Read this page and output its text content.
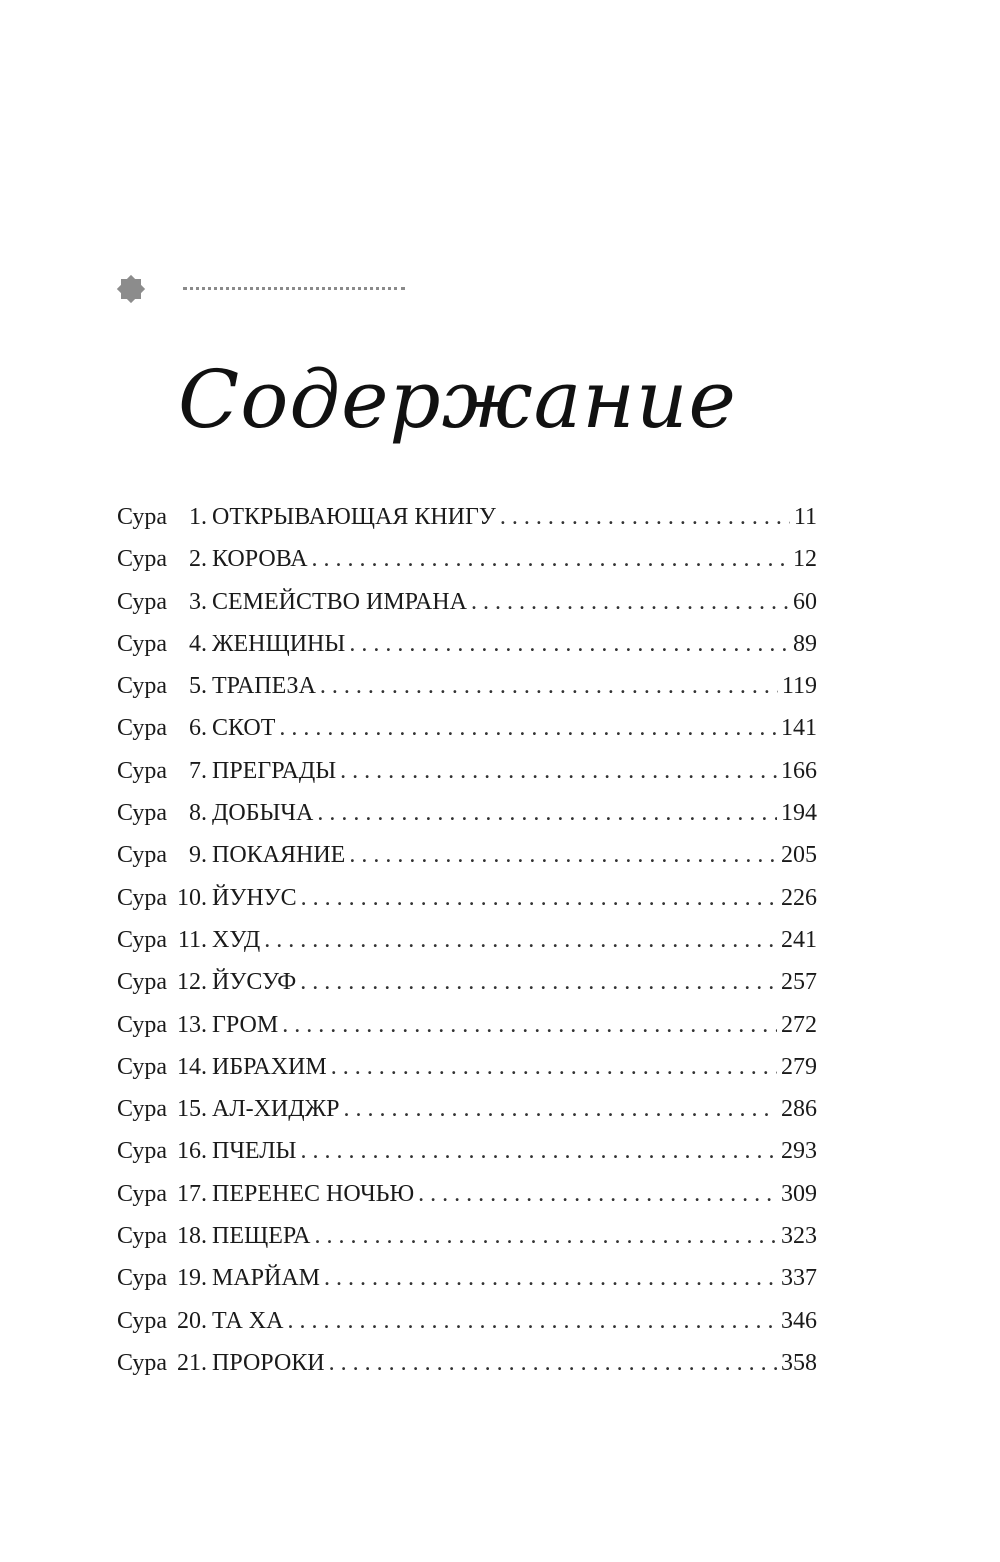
Содержание
Сура 1. ОТКРЫВАЮЩАЯ КНИГУ . . .	11
Сура 2. КОРОВА . . .	12
Сура 3. СЕМЕЙСТВО ИМРАНА . . .	60
Сура 4. ЖЕНЩИНЫ . . .	89
Сура 5. ТРАПЕЗА . . .	119
Сура 6. СКОТ . . .	141
Сура 7. ПРЕГРАДЫ . . .	166
Сура 8. ДОБЫЧА . . .	194
Сура 9. ПОКАЯНИЕ . . .	205
Сура 10. ЙУНУС . . .	226
Сура 11. ХУД . . .	241
Сура 12. ЙУСУФ . . .	257
Сура 13. ГРОМ . . .	272
Сура 14. ИБРАХИМ . . .	279
Сура 15. АЛ-ХИДЖР . . .	286
Сура 16. ПЧЕЛЫ . . .	293
Сура 17. ПЕРЕНЕС НОЧЬЮ . . .	309
Сура 18. ПЕЩЕРА . . .	323
Сура 19. МАРЙАМ . . .	337
Сура 20. ТА ХА . . .	346
Сура 21. ПРОРОКИ . . .	358
